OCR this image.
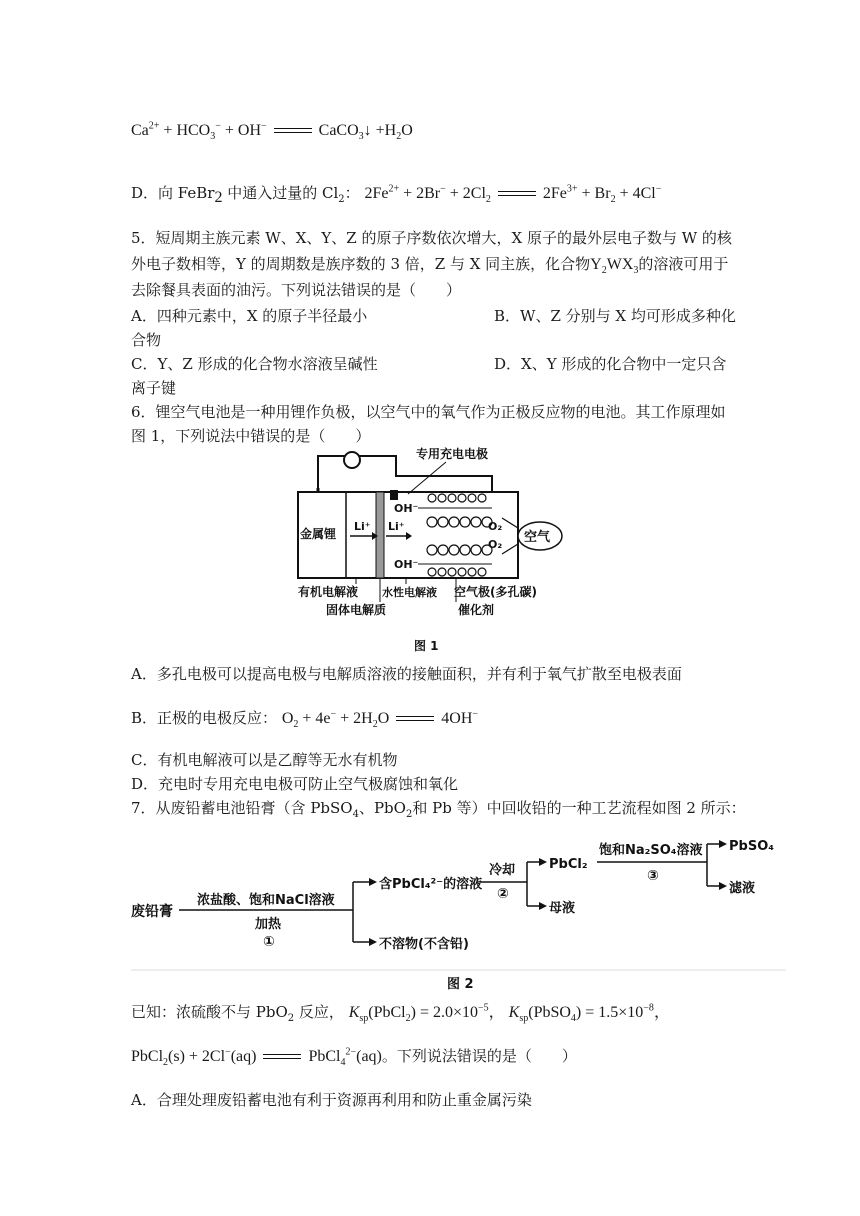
$Ca^{2+} + HCO_3^- + OH^-$	CaCO$_3$↓ $+H_2O$
D．向 FeBr$_2$ 中通入过量的 $Cl_2$： $2Fe^{2+} + 2Br^- + 2Cl_2$	$2Fe^{3+} + Br_2 + 4Cl^-$
5．短周期主族元素 W、X、Y、Z 的原子序数依次增大，X 原子的最外层电子数与 W 的核
外电子数相等，Y 的周期数是族序数的 3 倍，Z 与 X 同主族，化合物$Y_2WX_3$的溶液可用于
去除餐具表面的油污。下列说法错误的是（　　）
A．四种元素中，X 的原子半径最小	B．W、Z 分别与 X 均可形成多种化
合物
C．Y、Z 形成的化合物水溶液呈碱性	D．X、Y 形成的化合物中一定只含
离子键
6．锂空气电池是一种用锂作负极，以空气中的氧气作为正极反应物的电池。其工作原理如
图 1，下列说法中错误的是（　　）
专用充电电极
金属锂
Li⁺ Li⁺
OH⁻
OH⁻
O₂
O₂ 空气
有机电解液 水性电解液 空气极(多孔碳)
固体电解质	催化剂
图 1
A．多孔电极可以提高电极与电解质溶液的接触面积，并有利于氧气扩散至电极表面
B．正极的电极反应： $O_2 + 4e^- + 2H_2O$	4OH−
C．有机电解液可以是乙醇等无水有机物
D．充电时专用充电电极可防止空气极腐蚀和氧化
7．从废铅蓄电池铅膏（含 PbSO$_4$、PbO$_2$和 Pb 等）中回收铅的一种工艺流程如图 2 所示：
废铅膏
浓盐酸、饱和NaCl溶液
加热
①
含PbCl₄²⁻的溶液
冷却
②
PbCl₂
母液
饱和Na₂SO₄溶液
③
PbSO₄
滤液
不溶物(不含铅)
图 2
已知：浓硫酸不与 PbO$_2$ 反应， $K_{sp}(PbCl_2) = 2.0\times 10^{-5}$， $K_{sp}(PbSO_4) = 1.5\times 10^{-8}$，
PbCl$_2$(s) + 2Cl−(aq)	PbCl$_4^{2-}$(aq)。下列说法错误的是（　　）
A．合理处理废铅蓄电池有利于资源再利用和防止重金属污染
